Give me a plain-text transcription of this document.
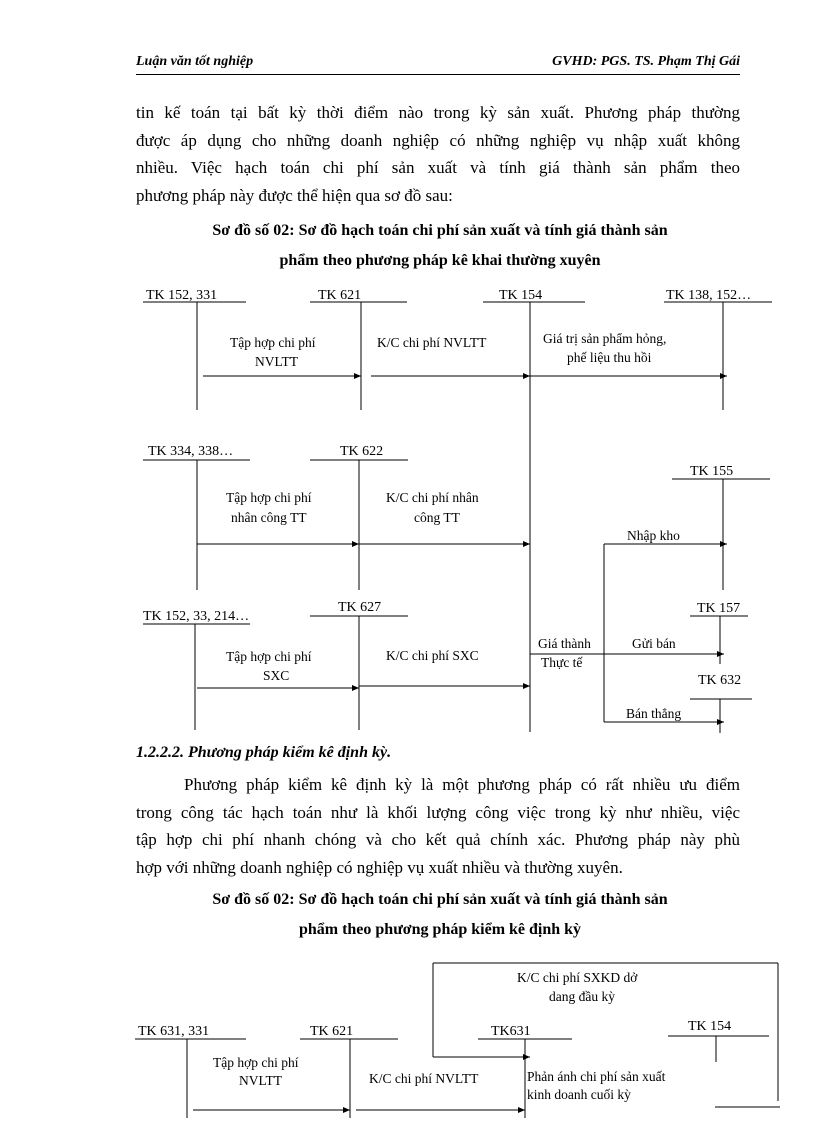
Luận văn tốt nghiệp	GVHD: PGS. TS. Phạm Thị Gái
tin kế toán tại bất kỳ thời điểm nào trong kỳ sản xuất. Phương pháp thường
được áp dụng cho những doanh nghiệp có những nghiệp vụ nhập xuất không
nhiều. Việc hạch toán chi phí sản xuất và tính giá thành sản phẩm theo
phương pháp này được thể hiện qua sơ đồ sau:
Sơ đồ số 02: Sơ đồ hạch toán chi phí sản xuất và tính giá thành sản
phẩm theo phương pháp kê khai thường xuyên
TK 152, 331	TK 621	TK 154	TK 138, 152…
Tập hợp chi phí
NVLTT
K/C chi phí NVLTT	Giá trị sản phẩm hỏng,
phế liệu thu hồi
TK 334, 338…	TK 622
Tập hợp chi phí
nhân công TT
K/C chi phí nhân
công TT
TK 155
TK 152, 33, 214…
TK 627
Tập hợp chi phí
SXC
K/C chi phí SXC
Giá thành
Thực tế
Nhập kho
TK 157
Gửi bán
TK 632
Bán thẳng
K/C chi phí SXKD dở
dang đầu kỳ
TK 631, 331	TK 621	TK631	TK 154
Tập hợp chi phí
NVLTT	K/C chi phí NVLTT	Phản ánh chi phí sản xuất
kinh doanh cuối kỳ
1.2.2.2. Phương pháp kiểm kê định kỳ.
Phương pháp kiểm kê định kỳ là một phương pháp có rất nhiều ưu điểm
trong công tác hạch toán như là khối lượng công việc trong kỳ như nhiều, việc
tập hợp chi phí nhanh chóng và cho kết quả chính xác. Phương pháp này phù
hợp với những doanh nghiệp có nghiệp vụ xuất nhiều và thường xuyên.
Sơ đồ số 02: Sơ đồ hạch toán chi phí sản xuất và tính giá thành sản
phẩm theo phương pháp kiểm kê định kỳ
